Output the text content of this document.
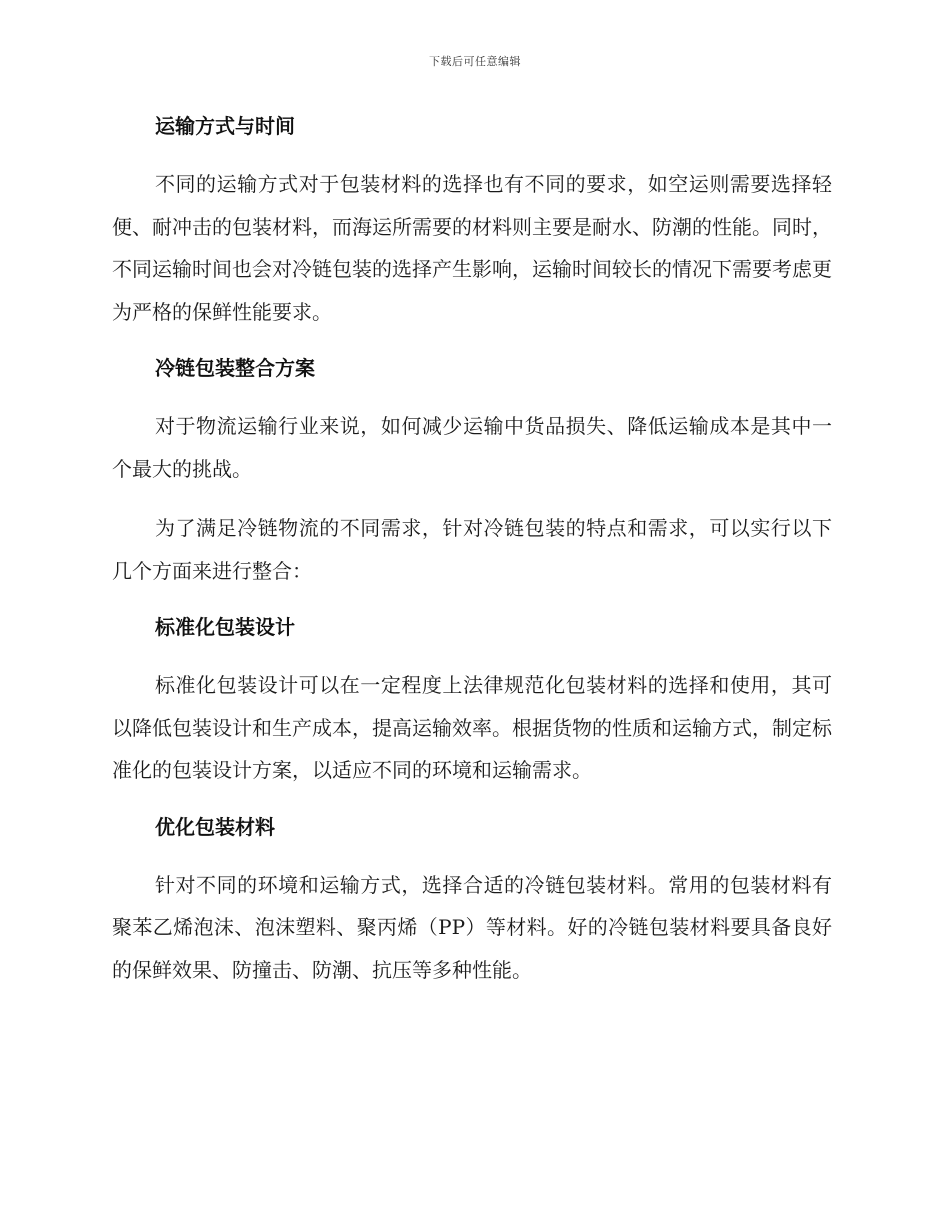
下载后可任意编辑
运输方式与时间

不同的运输方式对于包装材料的选择也有不同的要求，如空运则需要选择轻便、耐冲击的包装材料，而海运所需要的材料则主要是耐水、防潮的性能。同时，不同运输时间也会对冷链包装的选择产生影响，运输时间较长的情况下需要考虑更为严格的保鲜性能要求。

冷链包装整合方案

对于物流运输行业来说，如何减少运输中货品损失、降低运输成本是其中一个最大的挑战。

为了满足冷链物流的不同需求，针对冷链包装的特点和需求，可以实行以下几个方面来进行整合：

标准化包装设计

标准化包装设计可以在一定程度上法律规范化包装材料的选择和使用，其可以降低包装设计和生产成本，提高运输效率。根据货物的性质和运输方式，制定标准化的包装设计方案，以适应不同的环境和运输需求。

优化包装材料

针对不同的环境和运输方式，选择合适的冷链包装材料。常用的包装材料有聚苯乙烯泡沫、泡沫塑料、聚丙烯（PP）等材料。好的冷链包装材料要具备良好的保鲜效果、防撞击、防潮、抗压等多种性能。
